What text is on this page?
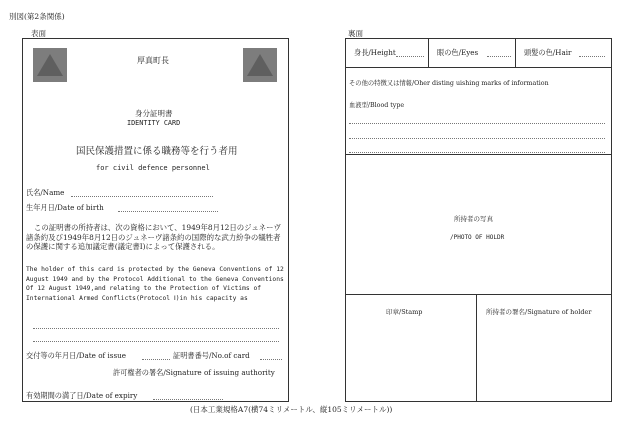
別図(第2条関係)
表面	裏面
厚真町長
身分証明書
IDENTITY CARD
国民保護措置に係る職務等を行う者用
for civil defence personnel
氏名/Name
生年月日/Date of birth
この証明書の所持者は、次の資格において、1949年8月12日のジュネーヴ諸条約及び1949年8月12日のジュネーヴ諸条約の国際的な武力紛争の犠牲者の保護に関する追加議定書(議定書I)によって保護される。
The holder of this card is protected by the Geneva Conventions of 12 August 1949 and by the Protocol Additional to the Geneva Conventions Of 12 August 1949,and relating to the Protection of Victims of International Armed Conflicts(Protocol Ⅰ)in his capacity as
交付等の年月日/Date of issue	証明書番号/No.of card
許可権者の署名/Signature of issuing authority
有効期間の満了日/Date of expiry
身長/Height	眼の色/Eyes	頭髪の色/Hair
その他の特徴又は情報/Oher disting uishing marks of information
血液型/Blood type
所持者の写真
/PHOTO OF HOLDR
印章/Stamp	所持者の署名/Signature of holder
(日本工業規格A7(横74ミリメートル、縦105ミリメートル))
